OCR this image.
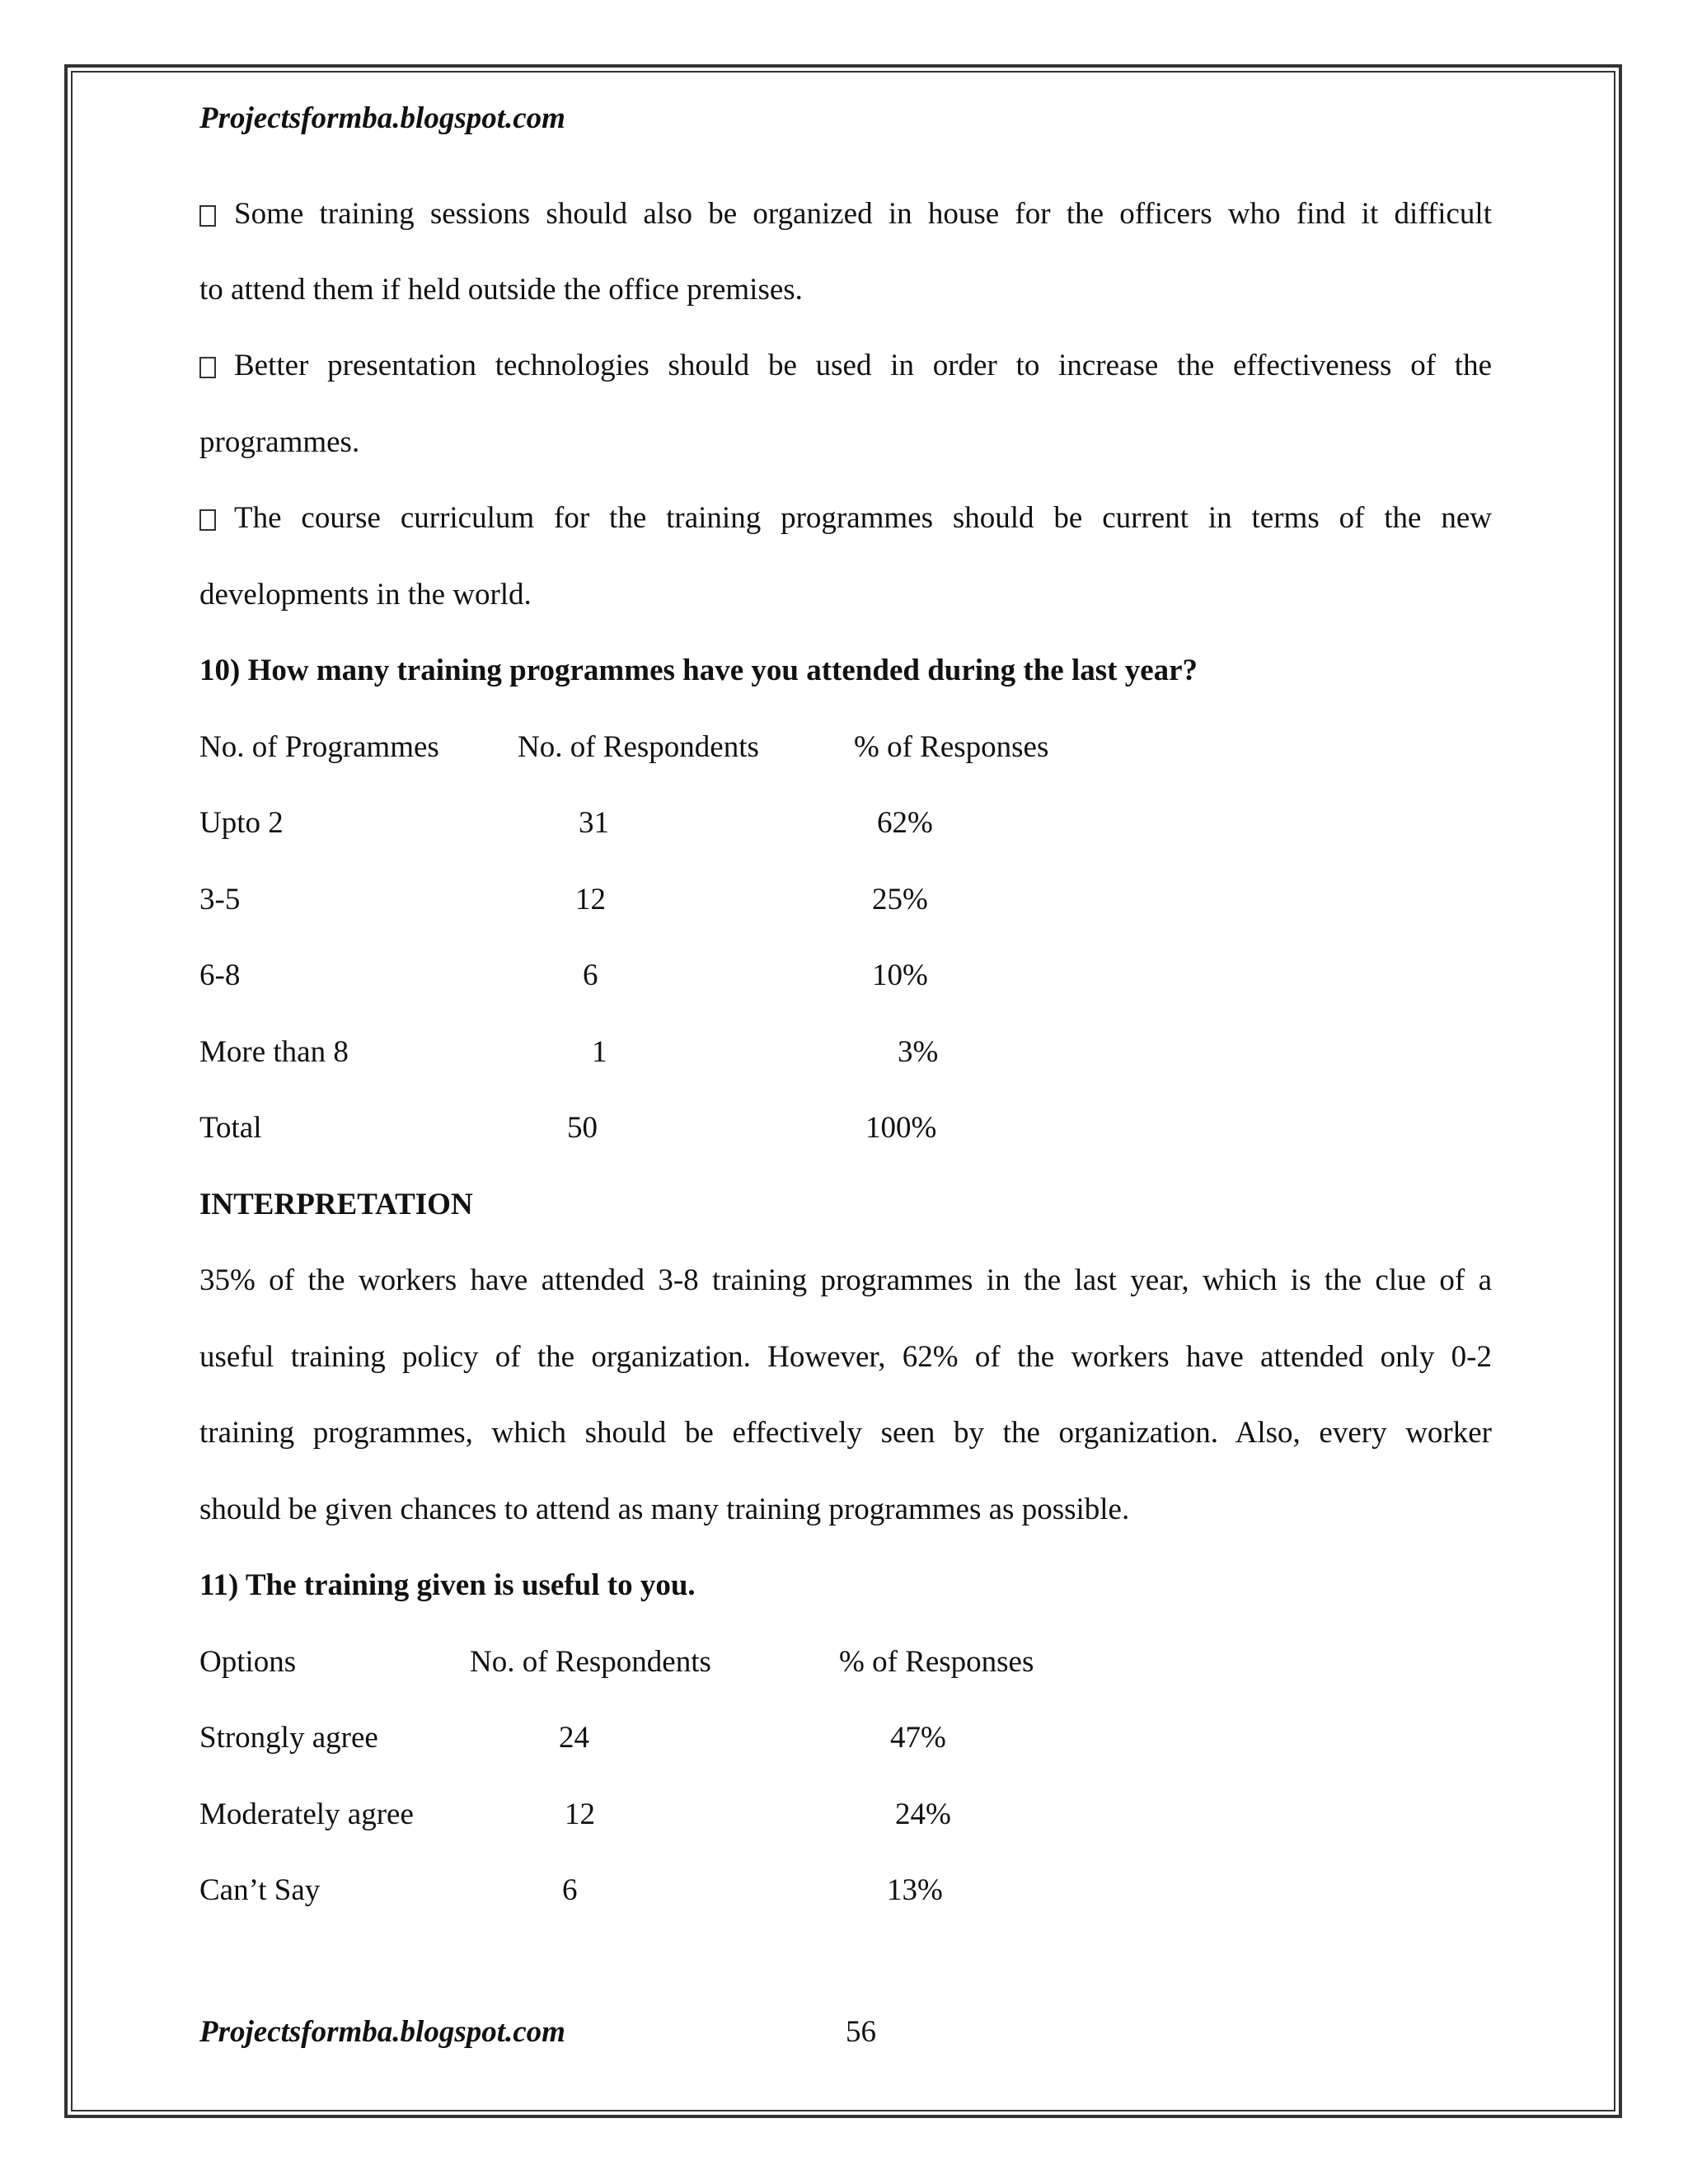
Projectsformba.blogspot.com
Some training sessions should also be organized in house for the officers who find it difficult
to attend them if held outside the office premises.
Better presentation technologies should be used in order to increase the effectiveness of the
programmes.
The course curriculum for the training programmes should be current in terms of the new
developments in the world.
10) How many training programmes have you attended during the last year?
No. of Programmes	No. of Respondents	% of Responses
Upto 2	31	62%
3-5	12	25%
6-8	6	10%
More than 8	1	3%
Total	50	100%
INTERPRETATION
35% of the workers have attended 3-8 training programmes in the last year, which is the clue of a
useful training policy of the organization. However, 62% of the workers have attended only 0-2
training programmes, which should be effectively seen by the organization. Also, every worker
should be given chances to attend as many training programmes as possible.
11) The training given is useful to you.
Options	No. of Respondents	% of Responses
Strongly agree	24	47%
Moderately agree	12	24%
Can’t Say	6	13%
Projectsformba.blogspot.com	56
